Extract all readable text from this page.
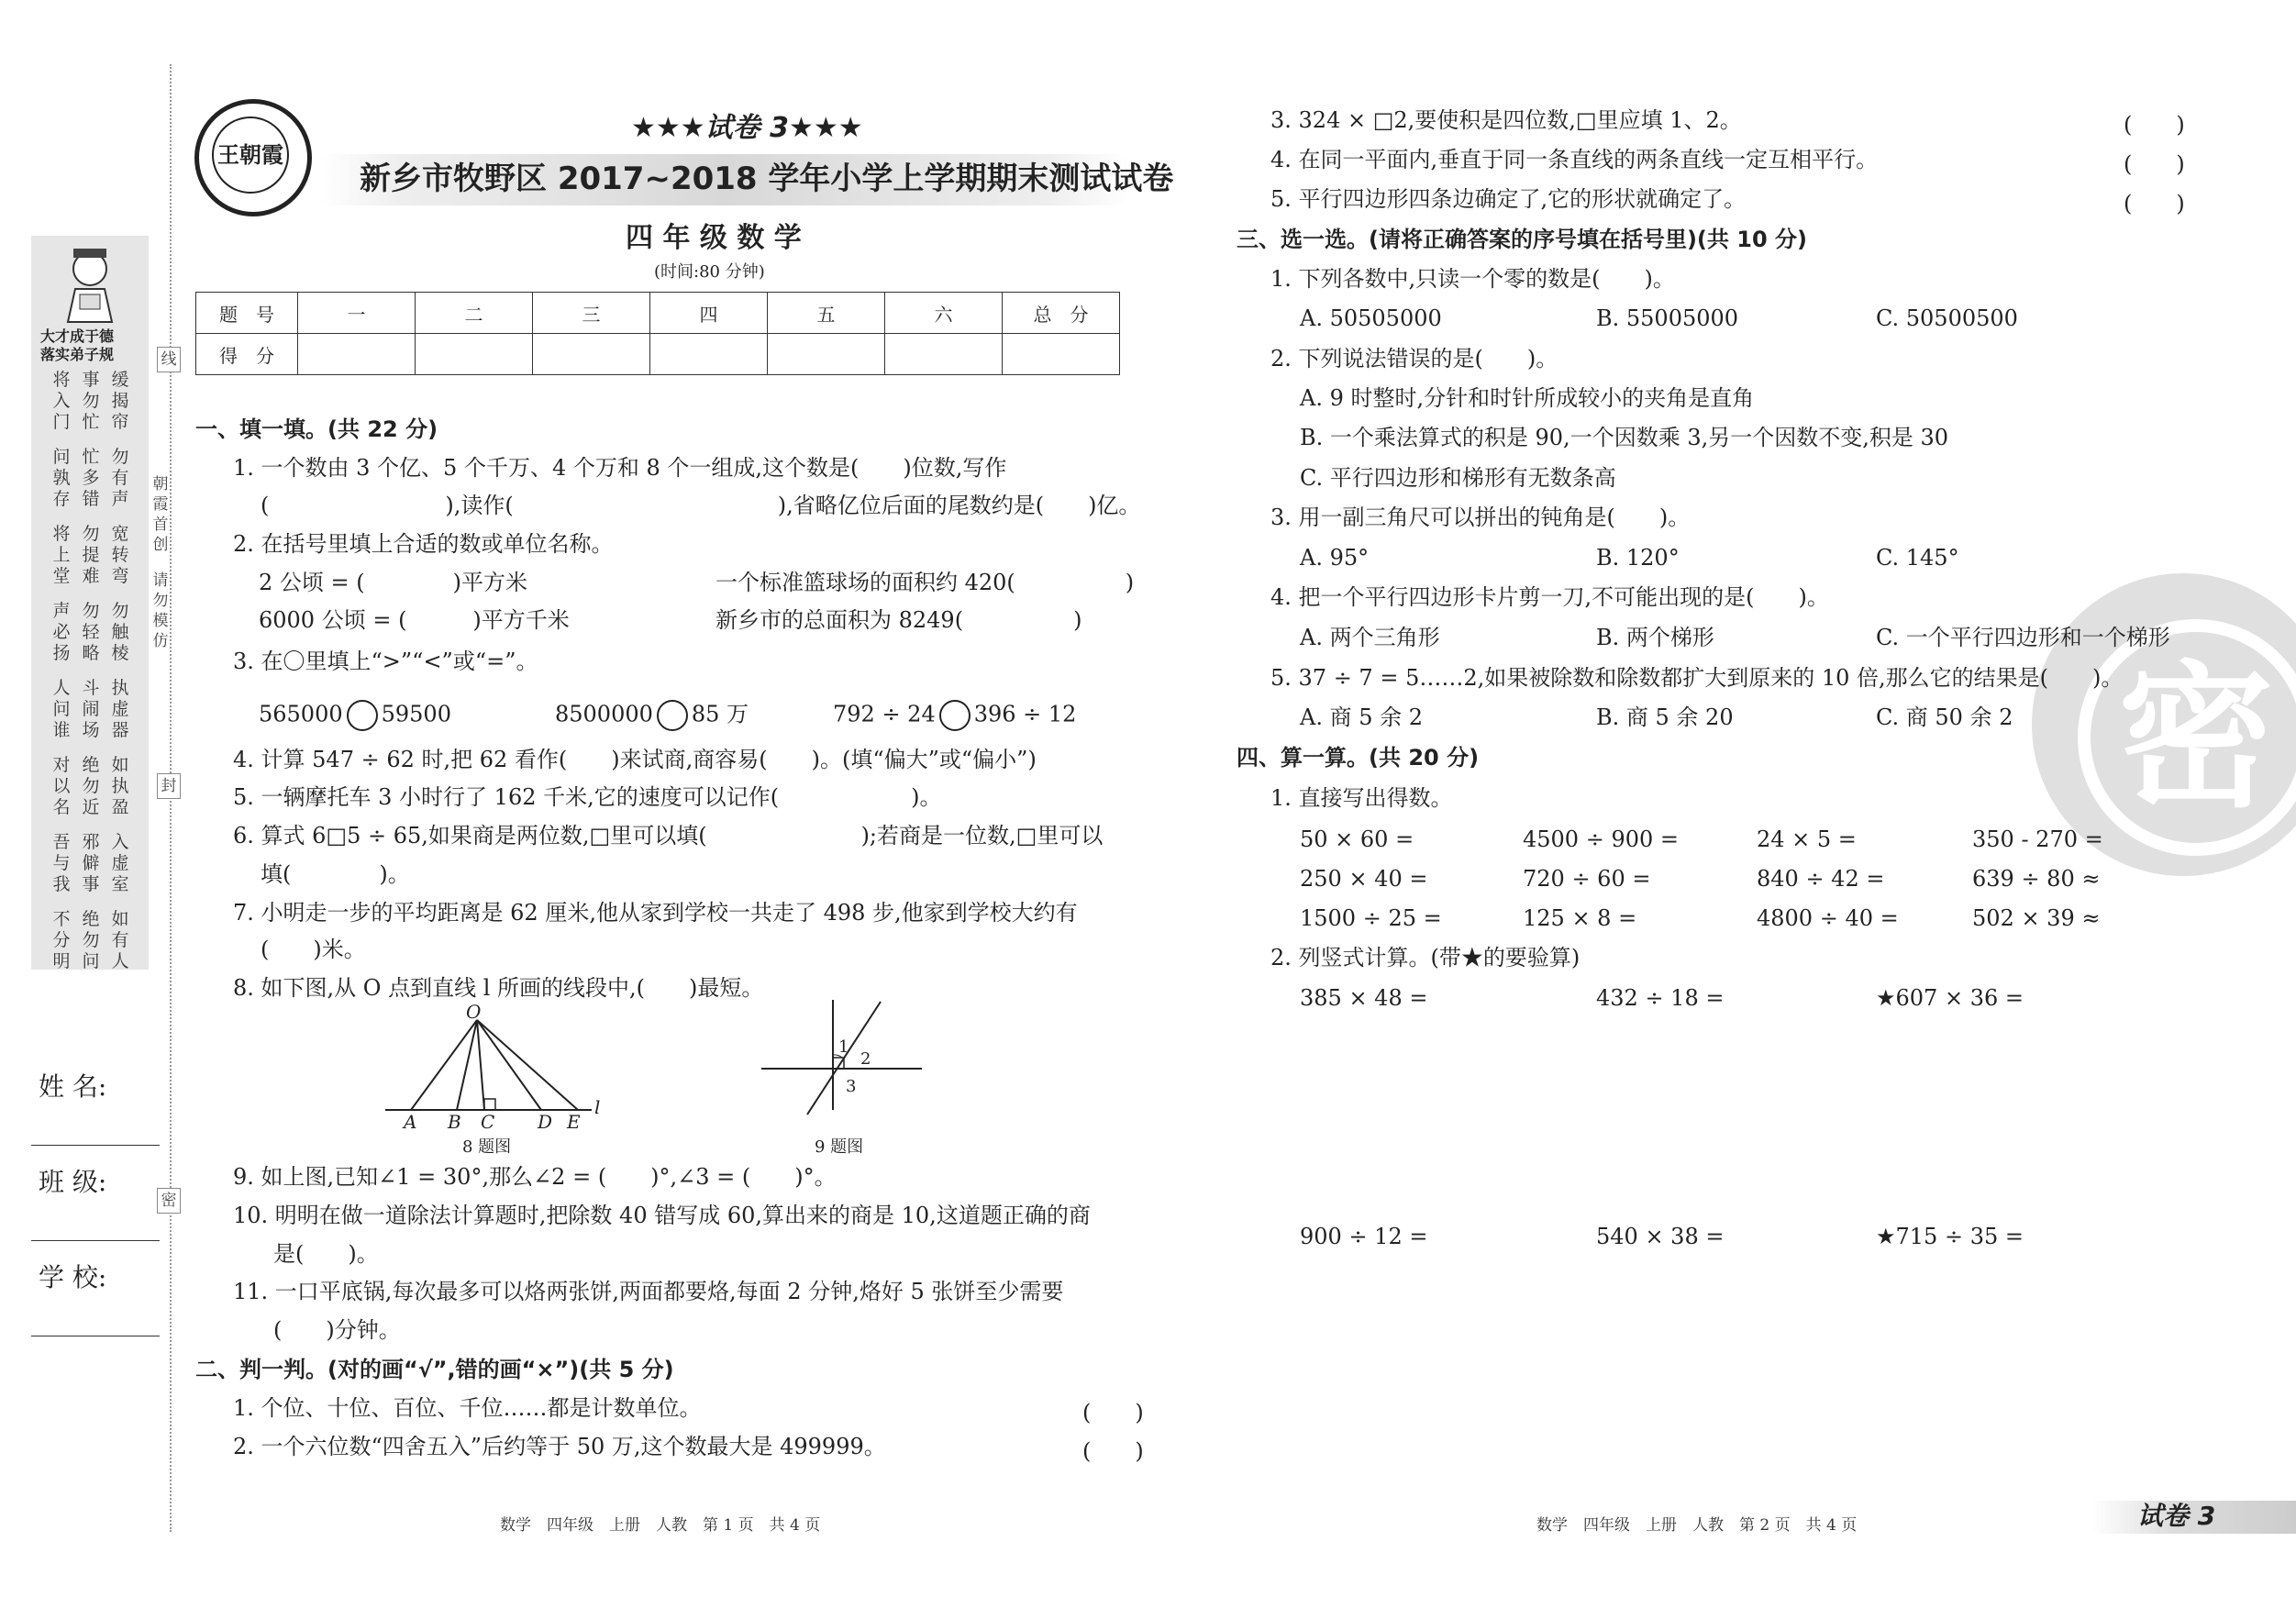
大才成于德
落实弟子规
将入门
事勿忙
缓揭帘
问孰存
忙多错
勿有声
将上堂
勿提难
宽转弯
声必扬
勿轻略
勿触棱
人问谁
斗闹场
执虚器
对以名
绝勿近
如执盈
吾与我
邪僻事
入虚室
不分明
绝勿问
如有人
线
封
密
朝霞首创
请勿模仿
姓 名:
班 级:
学 校:
王朝霞
★★★试卷 3★★★
新乡市牧野区 2017~2018 学年小学上学期期末测试试卷
四 年 级 数 学
(时间:80 分钟)
题　号	一	二	三	四	五	六	总　分
得　分							
一、填一填。(共 22 分)
1. 一个数由 3 个亿、5 个千万、4 个万和 8 个一组成,这个数是(　　)位数,写作
(　　　　　　　　),读作(　　　　　　　　　　　　),省略亿位后面的尾数约是(　　)亿。
2. 在括号里填上合适的数或单位名称。
2 公顷 = (　　　　)平方米	一个标准篮球场的面积约 420(　　　　　)
6000 公顷 = (　　　)平方千米	新乡市的总面积为 8249(　　　　　)
3. 在〇里填上“>”“<”或“=”。
565000 59500	8500000 85 万	792 ÷ 24 396 ÷ 12
4. 计算 547 ÷ 62 时,把 62 看作(　　)来试商,商容易(　　)。(填“偏大”或“偏小”)
5. 一辆摩托车 3 小时行了 162 千米,它的速度可以记作(　　　　　　)。
6. 算式 6□5 ÷ 65,如果商是两位数,□里可以填(　　　　　　　);若商是一位数,□里可以
填(　　　　)。
7. 小明走一步的平均距离是 62 厘米,他从家到学校一共走了 498 步,他家到学校大约有
(　　)米。
8. 如下图,从 O 点到直线 l 所画的线段中,(　　)最短。
O
A B C D E
l
8 题图
1
2
3
9 题图
9. 如上图,已知∠1 = 30°,那么∠2 = (　　)°,∠3 = (　　)°。
10. 明明在做一道除法计算题时,把除数 40 错写成 60,算出来的商是 10,这道题正确的商
是(　　)。
11. 一口平底锅,每次最多可以烙两张饼,两面都要烙,每面 2 分钟,烙好 5 张饼至少需要
(　　)分钟。
二、判一判。(对的画“√”,错的画“×”)(共 5 分)
1. 个位、十位、百位、千位……都是计数单位。	(　　)
2. 一个六位数“四舍五入”后约等于 50 万,这个数最大是 499999。	(　　)
数学　四年级　上册　人教　第 1 页　共 4 页
密
3. 324 × □2,要使积是四位数,□里应填 1、2。	(　　)
4. 在同一平面内,垂直于同一条直线的两条直线一定互相平行。	(　　)
5. 平行四边形四条边确定了,它的形状就确定了。	(　　)
三、选一选。(请将正确答案的序号填在括号里)(共 10 分)
1. 下列各数中,只读一个零的数是(　　)。
A. 50505000	B. 55005000	C. 50500500
2. 下列说法错误的是(　　)。
A. 9 时整时,分针和时针所成较小的夹角是直角
B. 一个乘法算式的积是 90,一个因数乘 3,另一个因数不变,积是 30
C. 平行四边形和梯形有无数条高
3. 用一副三角尺可以拼出的钝角是(　　)。
A. 95°	B. 120°	C. 145°
4. 把一个平行四边形卡片剪一刀,不可能出现的是(　　)。
A. 两个三角形	B. 两个梯形	C. 一个平行四边形和一个梯形
5. 37 ÷ 7 = 5……2,如果被除数和除数都扩大到原来的 10 倍,那么它的结果是(　　)。
A. 商 5 余 2	B. 商 5 余 20	C. 商 50 余 2
四、算一算。(共 20 分)
1. 直接写出得数。
50 × 60 =	4500 ÷ 900 =	24 × 5 =	350 - 270 =
250 × 40 =	720 ÷ 60 =	840 ÷ 42 =	639 ÷ 80 ≈
1500 ÷ 25 =	125 × 8 =	4800 ÷ 40 =	502 × 39 ≈
2. 列竖式计算。(带★的要验算)
385 × 48 =	432 ÷ 18 =	★607 × 36 =
900 ÷ 12 =	540 × 38 =	★715 ÷ 35 =
数学　四年级　上册　人教　第 2 页　共 4 页	试卷 3
